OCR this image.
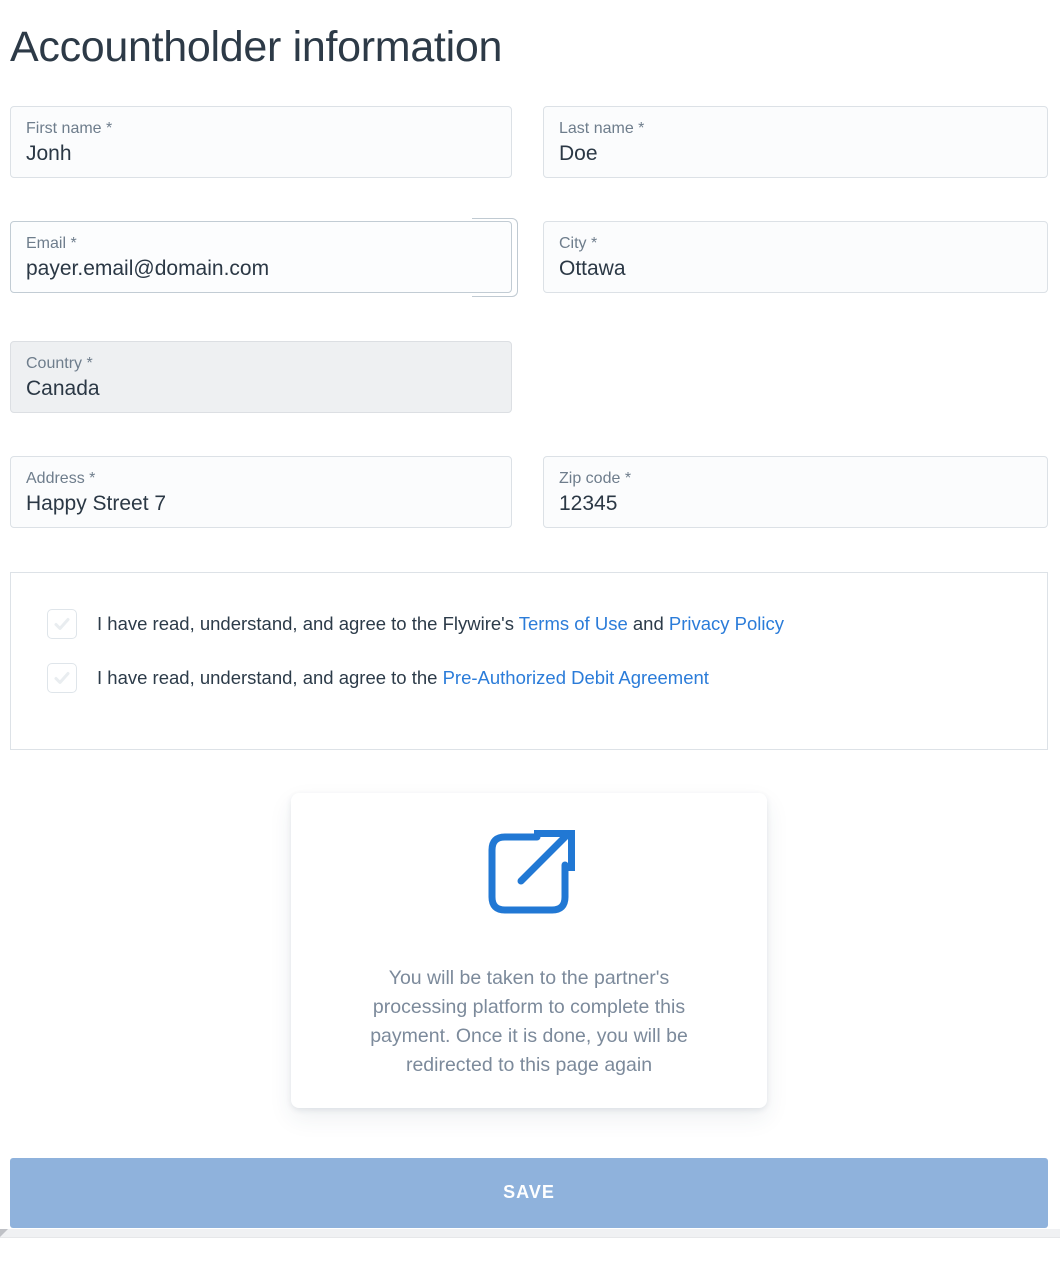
Accountholder information
First name *
Jonh	Last name *
Doe
Email *
payer.email@domain.com	City *
Ottawa
Country *
Canada
Address *
Happy Street 7	Zip code *
12345
I have read, understand, and agree to the Flywire's Terms of Use and Privacy Policy
I have read, understand, and agree to the Pre-Authorized Debit Agreement
You will be taken to the partner's
processing platform to complete this
payment. Once it is done, you will be
redirected to this page again
SAVE
